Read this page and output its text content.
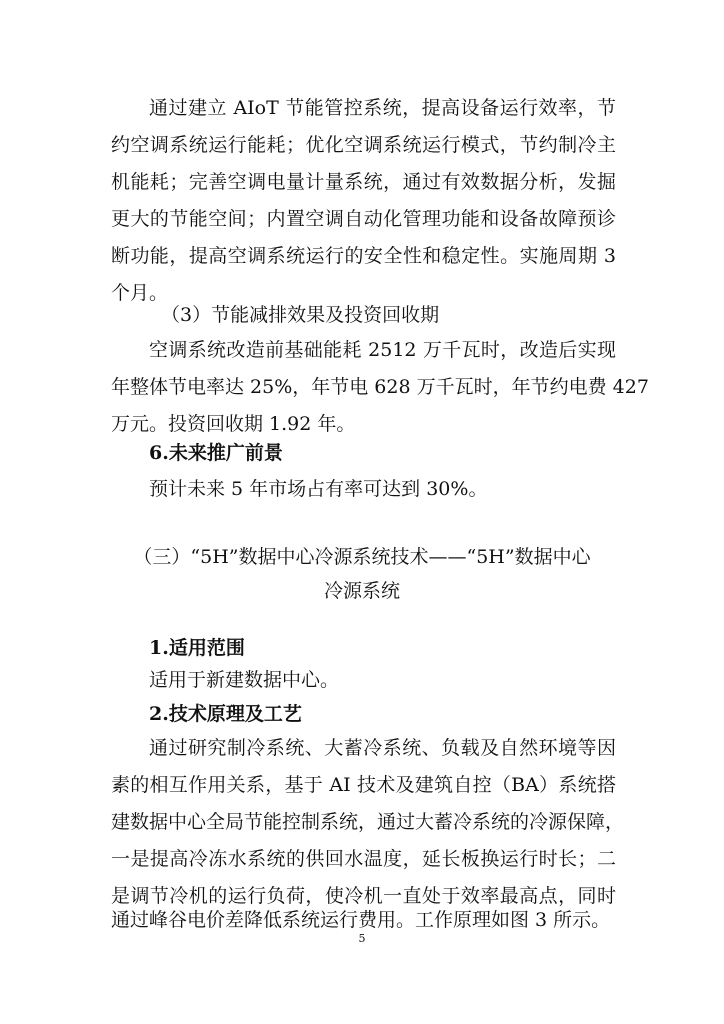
通过建立 AIoT 节能管控系统，提高设备运行效率，节
约空调系统运行能耗；优化空调系统运行模式，节约制冷主
机能耗；完善空调电量计量系统，通过有效数据分析，发掘
更大的节能空间；内置空调自动化管理功能和设备故障预诊
断功能，提高空调系统运行的安全性和稳定性。实施周期 3
个月。
（3）节能减排效果及投资回收期
空调系统改造前基础能耗 2512 万千瓦时，改造后实现
年整体节电率达 25%，年节电 628 万千瓦时，年节约电费 427
万元。投资回收期 1.92 年。
6.未来推广前景
预计未来 5 年市场占有率可达到 30%。
（三）“5H”数据中心冷源系统技术——“5H”数据中心
冷源系统
1.适用范围
适用于新建数据中心。
2.技术原理及工艺
通过研究制冷系统、大蓄冷系统、负载及自然环境等因
素的相互作用关系，基于 AI 技术及建筑自控（BA）系统搭
建数据中心全局节能控制系统，通过大蓄冷系统的冷源保障，
一是提高冷冻水系统的供回水温度，延长板换运行时长；二
是调节冷机的运行负荷，使冷机一直处于效率最高点，同时
通过峰谷电价差降低系统运行费用。工作原理如图 3 所示。
5
